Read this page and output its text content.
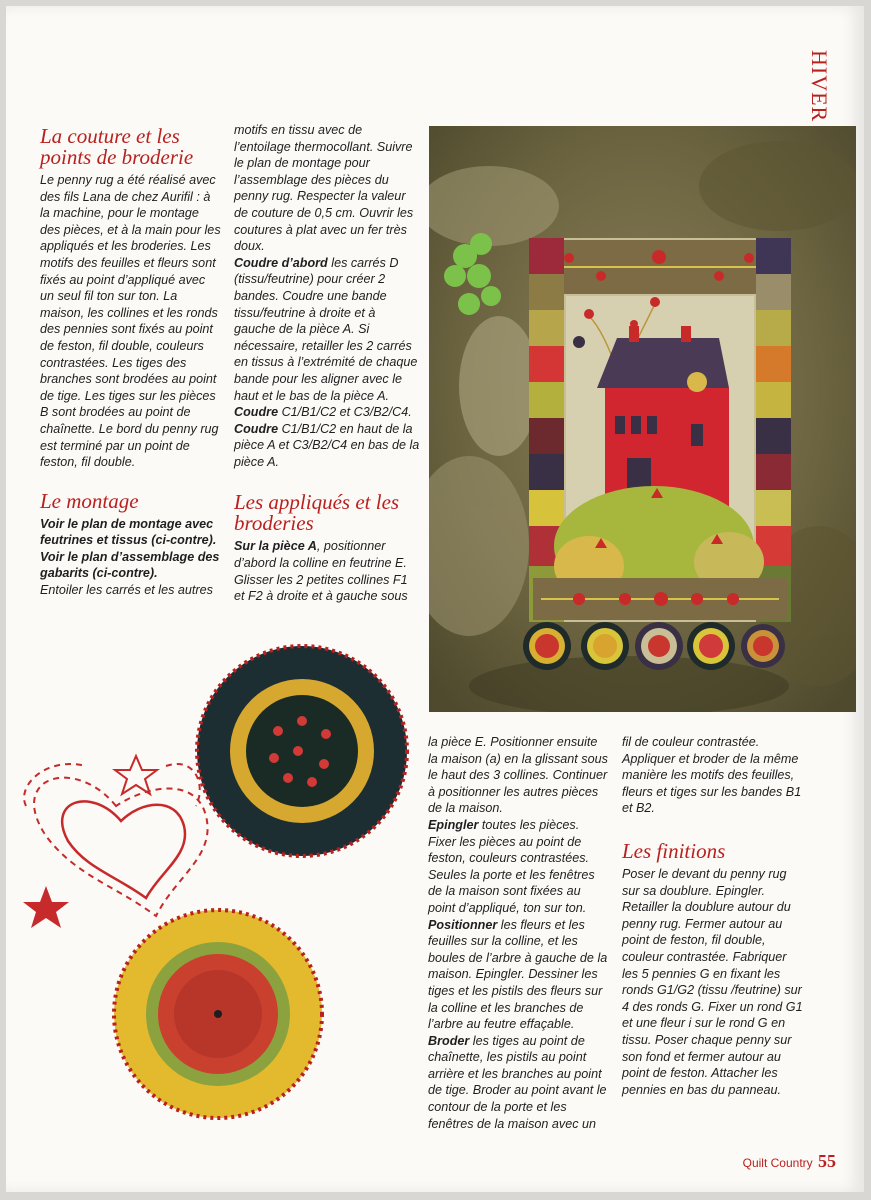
HIVER
La couture et les points de broderie

Le penny rug a été réalisé avec des fils Lana de chez Aurifil : à la machine, pour le montage des pièces, et à la main pour les appliqués et les broderies. Les motifs des feuilles et fleurs sont fixés au point d’appliqué avec un seul fil ton sur ton. La maison, les collines et les ronds des pennies sont fixés au point de feston, fil double, couleurs contrastées. Les tiges des branches sont brodées au point de tige. Les tiges sur les pièces B sont brodées au point de chaînette. Le bord du penny rug est terminé par un point de feston, fil double.

Le montage

Voir le plan de montage avec feutrines et tissus (ci-contre).

Voir le plan d’assemblage des gabarits (ci-contre).

Entoiler les carrés et les autres

motifs en tissu avec de l’entoilage thermocollant. Suivre le plan de montage pour l’assemblage des pièces du penny rug. Respecter la valeur de couture de 0,5 cm. Ouvrir les coutures à plat avec un fer très doux.

Coudre d’abord les carrés D (tissu/feutrine) pour créer 2 bandes. Coudre une bande tissu/feutrine à droite et à gauche de la pièce A. Si nécessaire, retailler les 2 carrés en tissus à l’extrémité de chaque bande pour les aligner avec le haut et le bas de la pièce A.

Coudre C1/B1/C2 et C3/B2/C4.

Coudre C1/B1/C2 en haut de la pièce A et C3/B2/C4 en bas de la pièce A.

Les appliqués et les broderies

Sur la pièce A, positionner d’abord la colline en feutrine E. Glisser les 2 petites collines F1 et F2 à droite et à gauche sous

la pièce E. Positionner ensuite la maison (a) en la glissant sous le haut des 3 collines. Continuer à positionner les autres pièces de la maison.

Epingler toutes les pièces. Fixer les pièces au point de feston, couleurs contrastées. Seules la porte et les fenêtres de la maison sont fixées au point d’appliqué, ton sur ton.

Positionner les fleurs et les feuilles sur la colline, et les boules de l’arbre à gauche de la maison. Epingler. Dessiner les tiges et les pistils des fleurs sur la colline et les branches de l’arbre au feutre effaçable.

Broder les tiges au point de chaînette, les pistils au point arrière et les branches au point de tige. Broder au point avant le contour de la porte et les fenêtres de la maison avec un

fil de couleur contrastée. Appliquer et broder de la même manière les motifs des feuilles, fleurs et tiges sur les bandes B1 et B2.

Les finitions

Poser le devant du penny rug sur sa doublure. Epingler. Retailler la doublure autour du penny rug. Fermer autour au point de feston, fil double, couleur contrastée. Fabriquer les 5 pennies G en fixant les ronds G1/G2 (tissu /feutrine) sur 4 des ronds G. Fixer un rond G1 et une fleur i sur le rond G en tissu. Poser chaque penny sur son fond et fermer autour au point de feston. Attacher les pennies en bas du panneau.

Quilt Country 55
